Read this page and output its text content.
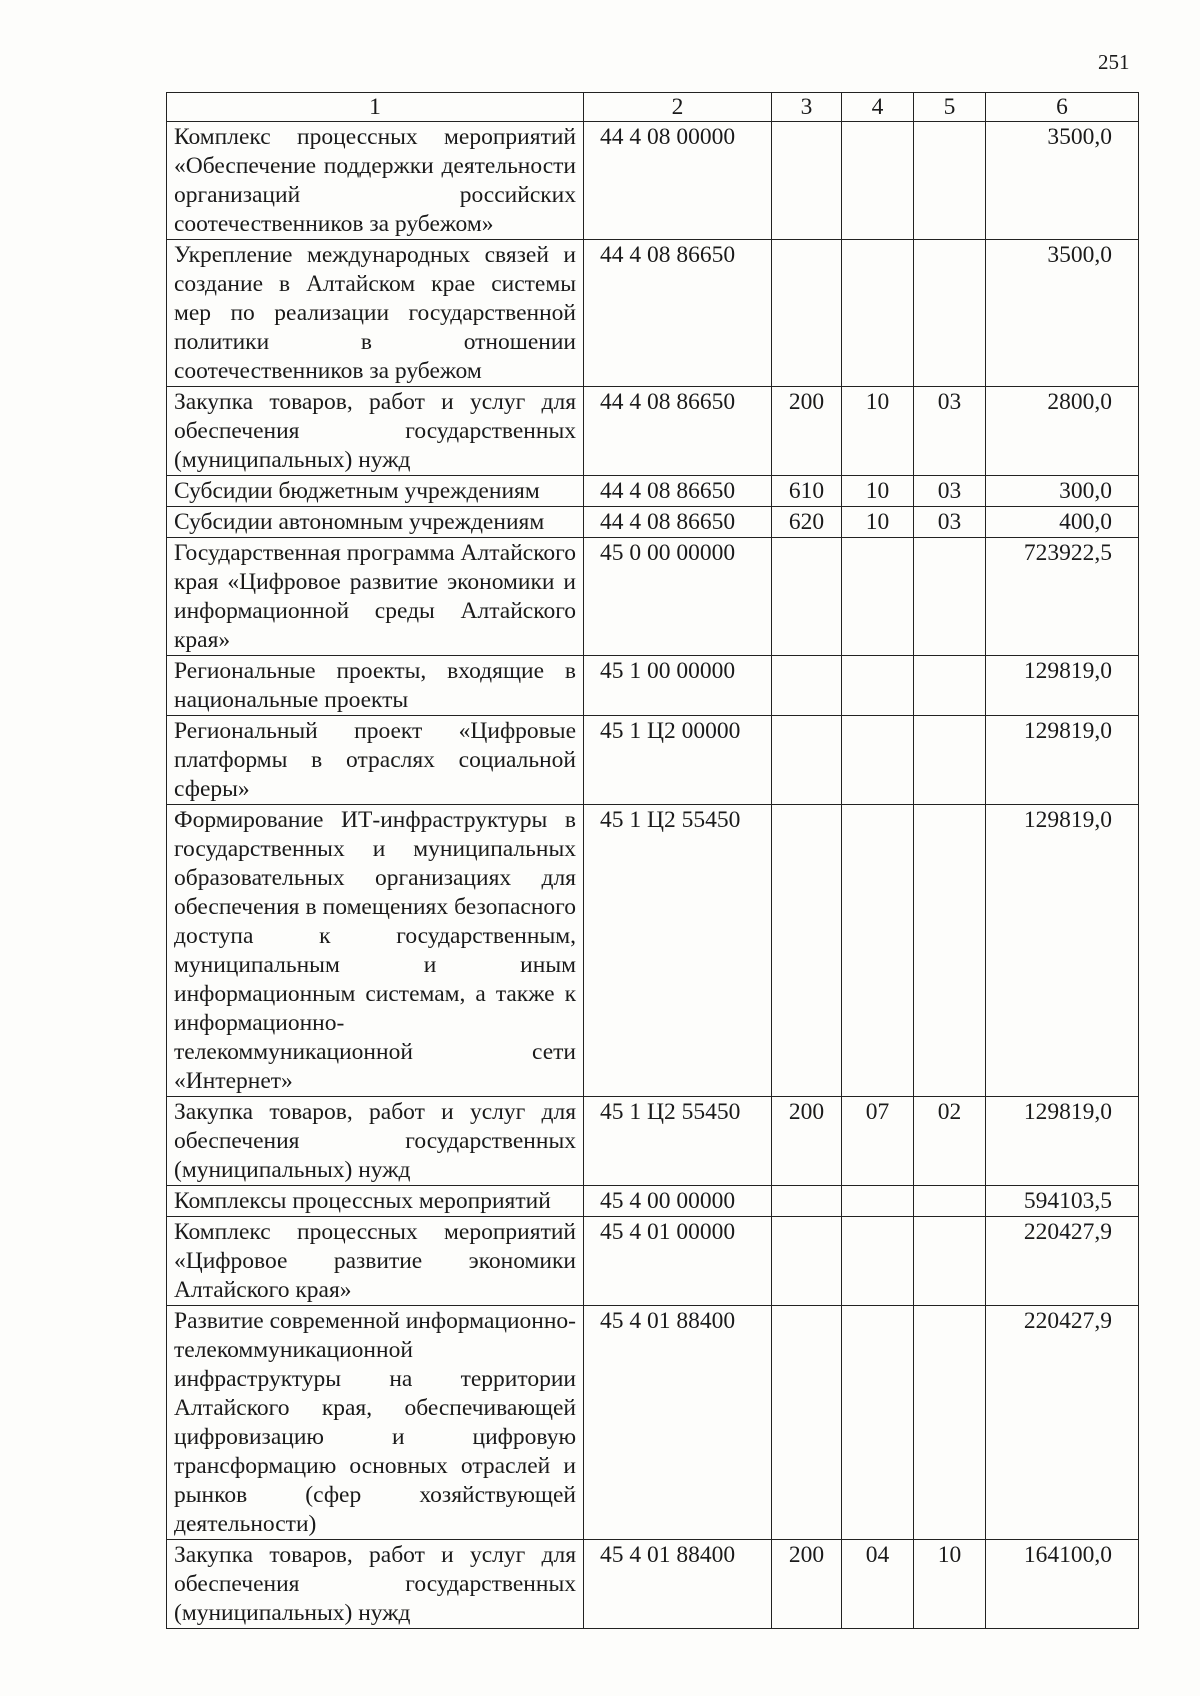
251
1	2	3	4	5	6
Комплекс процессных мероприятий «Обеспечение поддержки деятельности организаций российских соотечественников за рубежом»	44 4 08 00000				3500,0
Укрепление международных связей и создание в Алтайском крае системы мер по реализации государственной политики в отношении соотечественников за рубежом	44 4 08 86650				3500,0
Закупка товаров, работ и услуг для обеспечения государственных (муниципальных) нужд	44 4 08 86650	200	10	03	2800,0
Субсидии бюджетным учреждениям	44 4 08 86650	610	10	03	300,0
Субсидии автономным учреждениям	44 4 08 86650	620	10	03	400,0
Государственная программа Алтайского края «Цифровое развитие экономики и информационной среды Алтайского края»	45 0 00 00000				723922,5
Региональные проекты, входящие в национальные проекты	45 1 00 00000				129819,0
Региональный проект «Цифровые платформы в отраслях социальной сферы»	45 1 Ц2 00000				129819,0
Формирование ИТ-инфраструктуры в государственных и муниципальных образовательных организациях для обеспечения в помещениях безопасного доступа к государственным, муниципальным и иным информационным системам, а также к информационно-телекоммуникационной сети «Интернет»	45 1 Ц2 55450				129819,0
Закупка товаров, работ и услуг для обеспечения государственных (муниципальных) нужд	45 1 Ц2 55450	200	07	02	129819,0
Комплексы процессных мероприятий	45 4 00 00000				594103,5
Комплекс процессных мероприятий «Цифровое развитие экономики Алтайского края»	45 4 01 00000				220427,9
Развитие современной информационно-телекоммуникационной инфраструктуры на территории Алтайского края, обеспечивающей цифровизацию и цифровую трансформацию основных отраслей и рынков (сфер хозяйствующей деятельности)	45 4 01 88400				220427,9
Закупка товаров, работ и услуг для обеспечения государственных (муниципальных) нужд	45 4 01 88400	200	04	10	164100,0
